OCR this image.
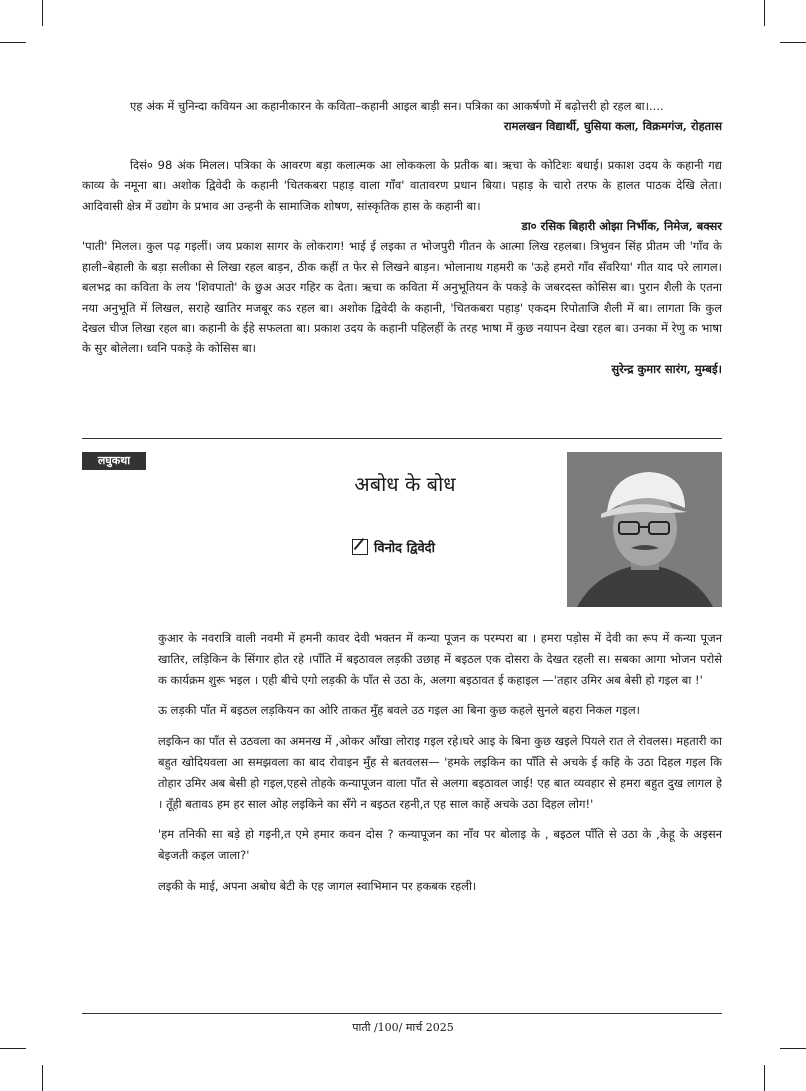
एह अंक में चुनिन्दा कवियन आ कहानीकारन के कविता–कहानी आइल बाड़ी सन। पत्रिका का आकर्षणो में बढ़ोत्तरी हो रहल बा।....

रामलखन विद्यार्थी, घुसिया कला, विक्रमगंज, रोहतास

दिसं० 98 अंक मिलल। पत्रिका के आवरण बड़ा कलात्मक आ लोककला के प्रतीक बा। ऋचा के कोटिशः बधाई। प्रकाश उदय के कहानी गद्य काव्य के नमूना बा। अशोक द्विवेदी के कहानी 'चितकबरा पहाड़ वाला गाँव' वातावरण प्रधान बिया। पहाड़ के चारो तरफ के हालत पाठक देखि लेता। आदिवासी क्षेत्र में उद्योग के प्रभाव आ उन्हनी के सामाजिक शोषण, सांस्कृतिक हास के कहानी बा।

डा० रसिक बिहारी ओझा निर्भीक, निमेज, बक्सर

'पाती' मिलल। कुल पढ़ गइलीं। जय प्रकाश सागर के लोकराग! भाई ई लइका त भोजपुरी गीतन के आत्मा लिख रहलबा। त्रिभुवन सिंह प्रीतम जी 'गाँव के हाली–बेहाली के बड़ा सलीका से लिखा रहल बाड़न, ठीक कहीं त फेर से लिखने बाड़न। भोलानाथ गहमरी क 'ऊहे हमरो गाँव सँवरिया' गीत याद परे लागल। बलभद्र का कविता के लय 'शिवपातो' के छुअ अउर गहिर क देता। ऋचा क कविता में अनुभूतियन के पकड़े के जबरदस्त कोसिस बा। पुरान शैली के एतना नया अनुभूति में लिखल, सराहे खातिर मजबूर कऽ रहल बा। अशोक द्विवेदी के कहानी, 'चितकबरा पहाड़' एकदम रिपोताजि शैली में बा। लागता कि कुल देखल चीज लिखा रहल बा। कहानी के ईहे सफलता बा। प्रकाश उदय के कहानी पहिलहीं के तरह भाषा में कुछ नयापन देखा रहल बा। उनका में रेणु क भाषा के सुर बोलेला। ध्वनि पकड़े के कोसिस बा।

सुरेन्द्र कुमार सारंग, मुम्बई।

लघुकथा
अबोध के बोध
विनोद द्विवेदी

कुआर के नवरात्रि वाली नवमी में हमनी कावर देवी भक्तन में कन्या पूजन क परम्परा बा । हमरा पड़ोस में देवी का रूप में कन्या पूजन खातिर, लड़िकिन के सिंगार होत रहे ।पाँति में बइठावल लड़की उछाह में बइठल एक दोसरा के देखत रहली स। सबका आगा भोजन परोसे क कार्यक्रम शुरू भइल । एही बीचे एगो लड़की के पाँत से उठा के, अलगा बइठावत ई कहाइल —'तहार उमिर अब बेसी हो गइल बा !'

ऊ लड़की पाँत में बइठल लड़कियन का ओरि ताकत मुँह बवले उठ गइल आ बिना कुछ कहले सुनले बहरा निकल गइल।

लइकिन का पाँत से उठवला का अमनख में ,ओकर आँखा लोराइ गइल रहे।घरे आइ के बिना कुछ खइले पियले रात ले रोवलस। महतारी का बहुत खोदियवला आ समझवला का बाद रोवाइन मुँह से बतवलस— 'हमके लइकिन का पाँति से अचके ई कहि के उठा दिहल गइल कि तोहार उमिर अब बेसी हो गइल,एहसे तोहके कन्यापूजन वाला पाँत से अलगा बइठावल जाई! एह बात व्यवहार से हमरा बहुत दुख लागल हे । तूँही बतावऽ हम हर साल ओह लइकिने का सँगे न बइठत रहनी,त एह साल काहें अचके उठा दिहल लोग!'

'हम तनिकी सा बड़े हो गइनी,त एमे हमार कवन दोस ? कन्यापूजन का नाँव पर बोलाइ के , बइठल पाँति से उठा के ,केहू के अइसन बेइजती कइल जाला?'

लइकी के माई, अपना अबोध बेटी के एह जागल स्वाभिमान पर हकबक रहली।

पाती /100/ मार्च 2025
